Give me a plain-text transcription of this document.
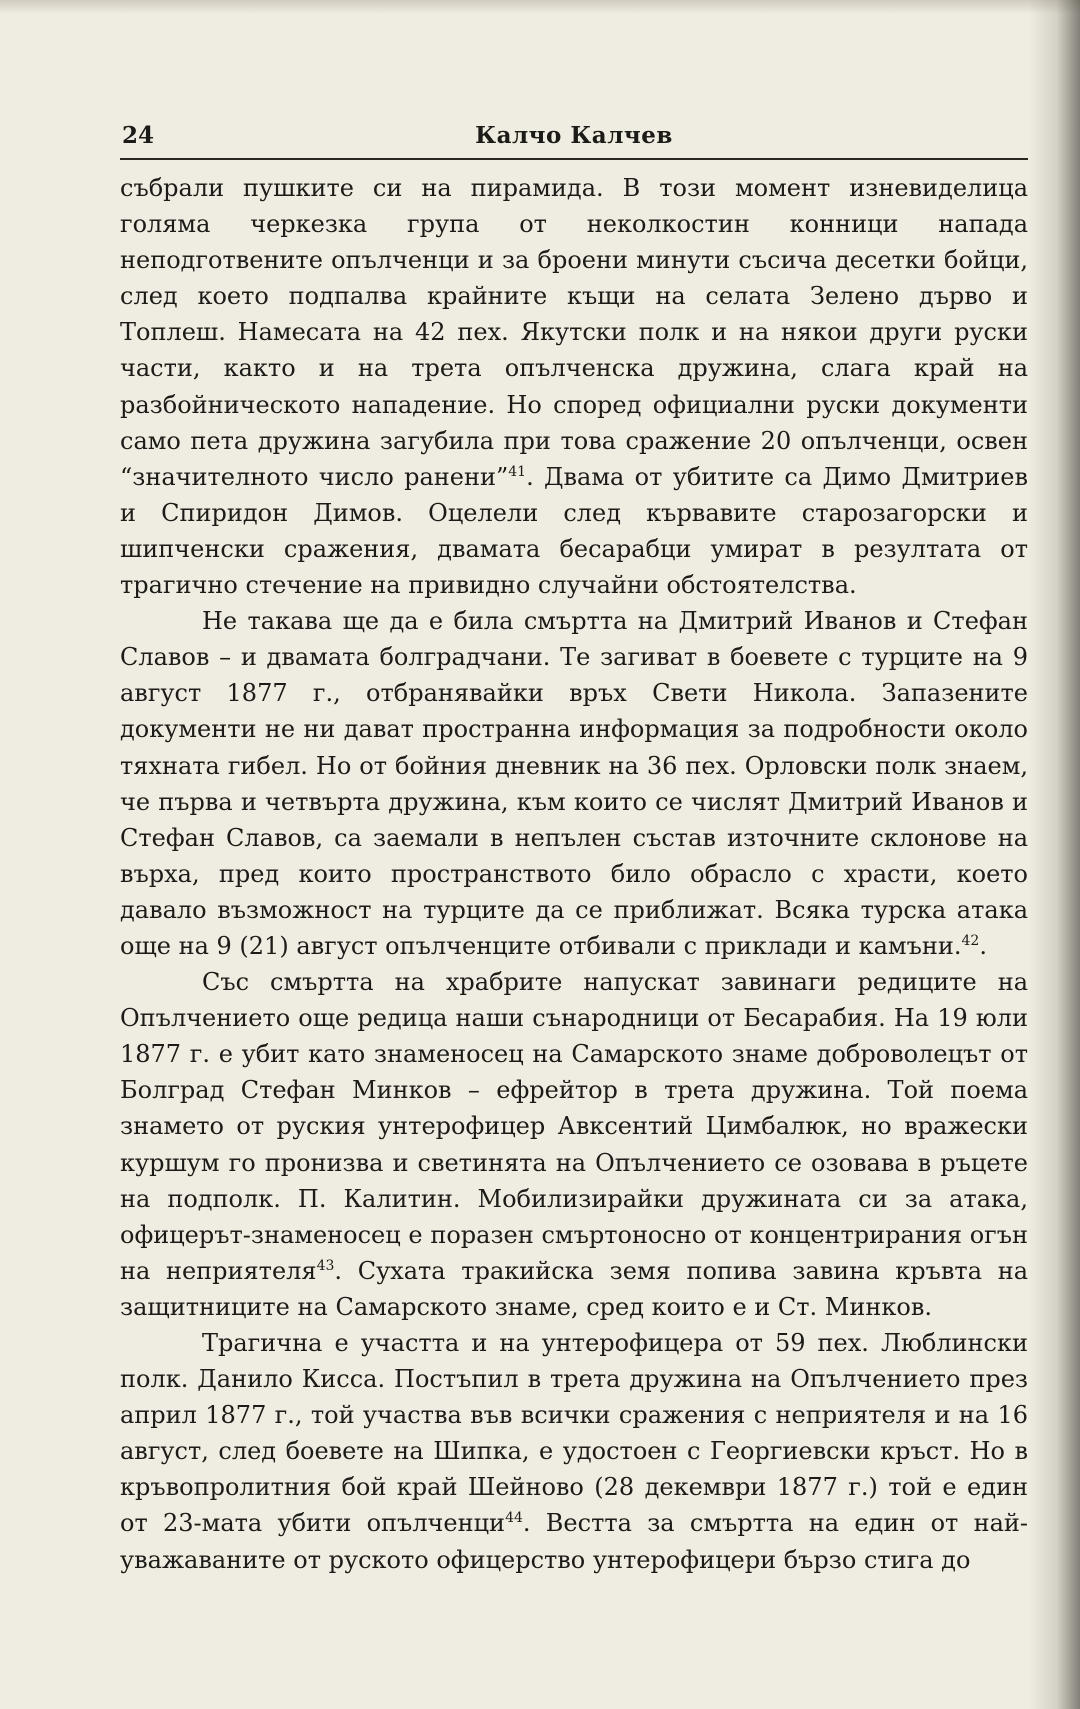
24	Калчо Калчев

събрали пушките си на пирамида. В този момент изневиделица голяма черкезка група от неколкостин конници напада неподготвените опълченци и за броени минути съсича десетки бойци, след което подпалва крайните къщи на селата Зелено дърво и Топлеш. Намесата на 42 пех. Якутски полк и на някои други руски части, както и на трета опълченска дружина, слага край на разбойническото нападение. Но според официални руски документи само пета дружина загубила при това сражение 20 опълченци, освен “значителното число ранени”$^{41}$. Двама от убитите са Димо Дмитриев и Спиридон Димов. Оцелели след кървавите старозагорски и шипченски сражения, двамата бесарабци умират в резултата от трагично стечение на привидно случайни обстоятелства.

Не такава ще да е била смъртта на Дмитрий Иванов и Стефан Славов – и двамата болградчани. Те загиват в боевете с турците на 9 август 1877 г., отбранявайки връх Свети Никола. Запазените документи не ни дават пространна информация за подробности около тяхната гибел. Но от бойния дневник на 36 пех. Орловски полк знаем, че първа и четвърта дружина, към които се числят Дмитрий Иванов и Стефан Славов, са заемали в непълен състав източните склонове на върха, пред които пространството било обрасло с храсти, което давало възможност на турците да се приближат. Всяка турска атака още на 9 (21) август опълченците отбивали с приклади и камъни.$^{42}$.

Със смъртта на храбрите напускат завинаги редиците на Опълчението още редица наши сънародници от Бесарабия. На 19 юли 1877 г. е убит като знаменосец на Самарското знаме доброволецът от Болград Стефан Минков – ефрейтор в трета дружина. Той поема знамето от руския унтерофицер Авксентий Цимбалюк, но вражески куршум го пронизва и светинята на Опълчението се озовава в ръцете на подполк. П. Калитин. Мобилизирайки дружината си за атака, офицерът-знаменосец е поразен смъртоносно от концентрирания огън на неприятеля$^{43}$. Сухата тракийска земя попива завина кръвта на защитниците на Самарското знаме, сред които е и Ст. Минков.

Трагична е участта и на унтерофицера от 59 пех. Люблински полк. Данило Кисса. Постъпил в трета дружина на Опълчението през април 1877 г., той участва във всички сражения с неприятеля и на 16 август, след боевете на Шипка, е удостоен с Георгиевски кръст. Но в кръвопролитния бой край Шейново (28 декември 1877 г.) той е един от 23-мата убити опълченци$^{44}$. Вестта за смъртта на един от най-уважаваните от руското офицерство унтерофицери бързо стига до
